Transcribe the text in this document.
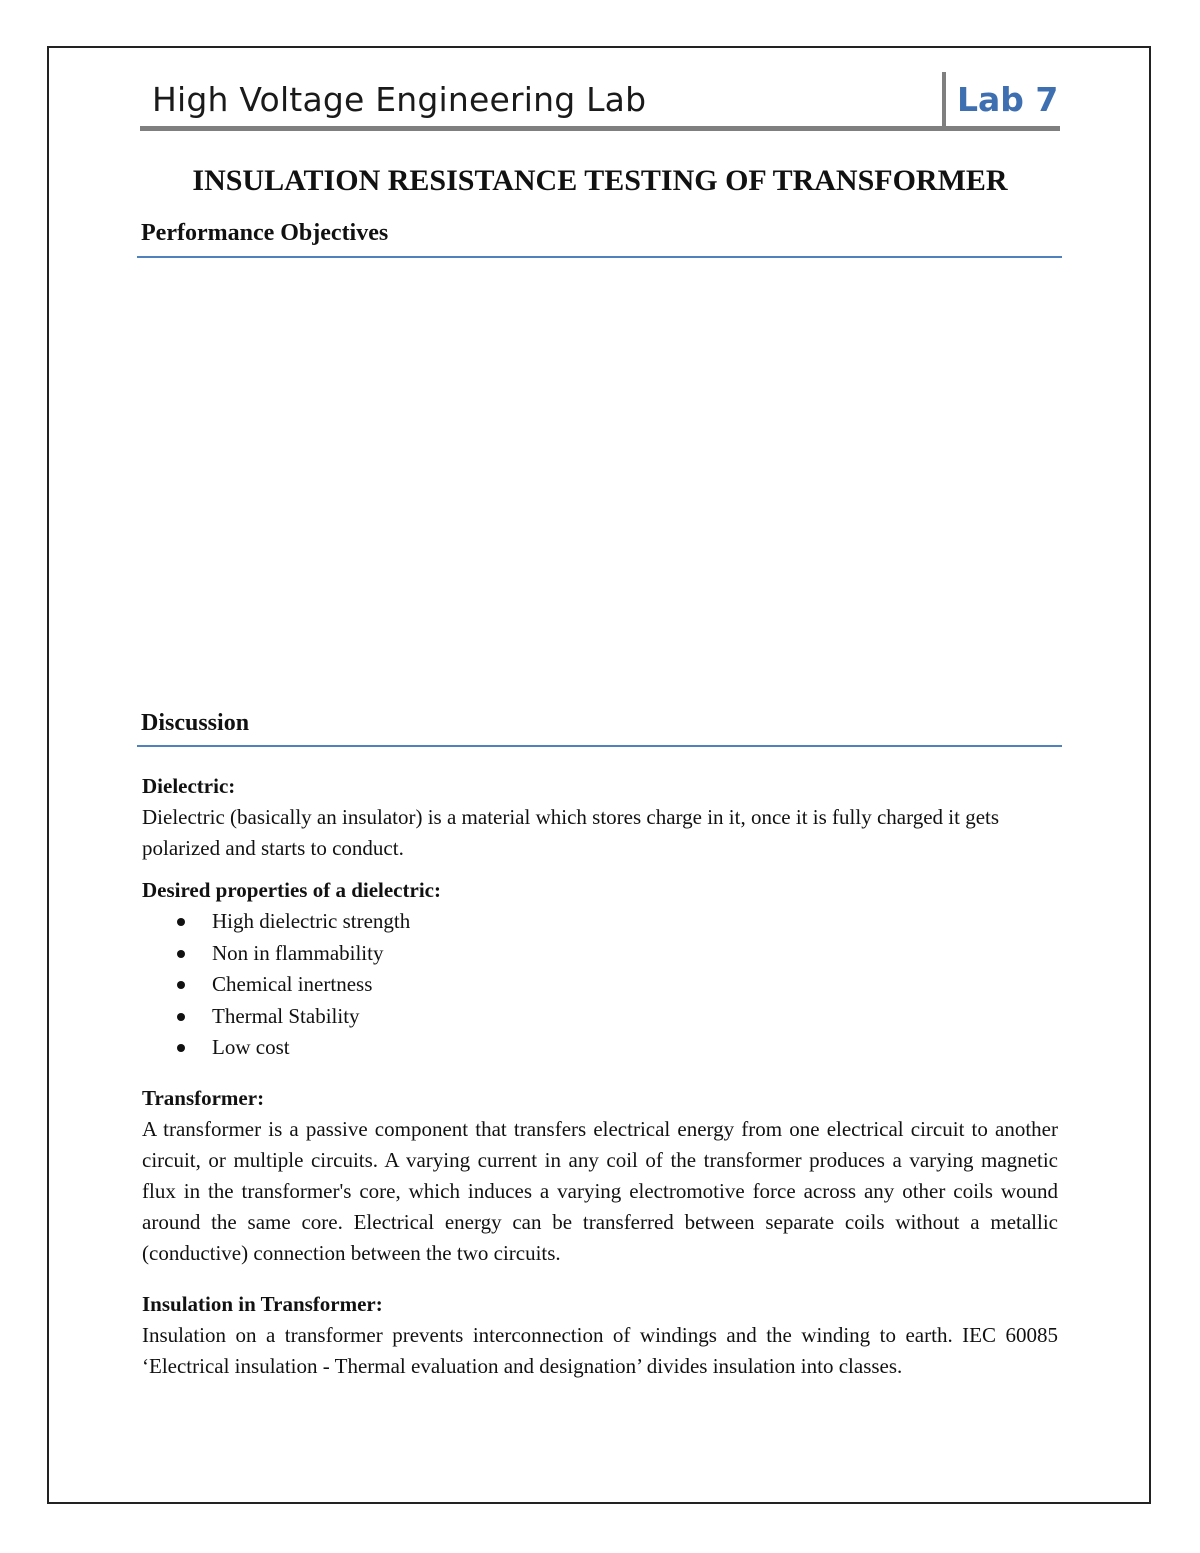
High Voltage Engineering Lab	Lab 7
INSULATION RESISTANCE TESTING OF TRANSFORMER
Performance Objectives
Discussion
Dielectric:
Dielectric (basically an insulator) is a material which stores charge in it, once it is fully charged it gets polarized and starts to conduct.
Desired properties of a dielectric:
High dielectric strength
Non in flammability
Chemical inertness
Thermal Stability
Low cost
Transformer:
A transformer is a passive component that transfers electrical energy from one electrical circuit to another circuit, or multiple circuits. A varying current in any coil of the transformer produces a varying magnetic flux in the transformer's core, which induces a varying electromotive force across any other coils wound around the same core. Electrical energy can be transferred between separate coils without a metallic (conductive) connection between the two circuits.
Insulation in Transformer:
Insulation on a transformer prevents interconnection of windings and the winding to earth. IEC 60085 ‘Electrical insulation - Thermal evaluation and designation’ divides insulation into classes.
